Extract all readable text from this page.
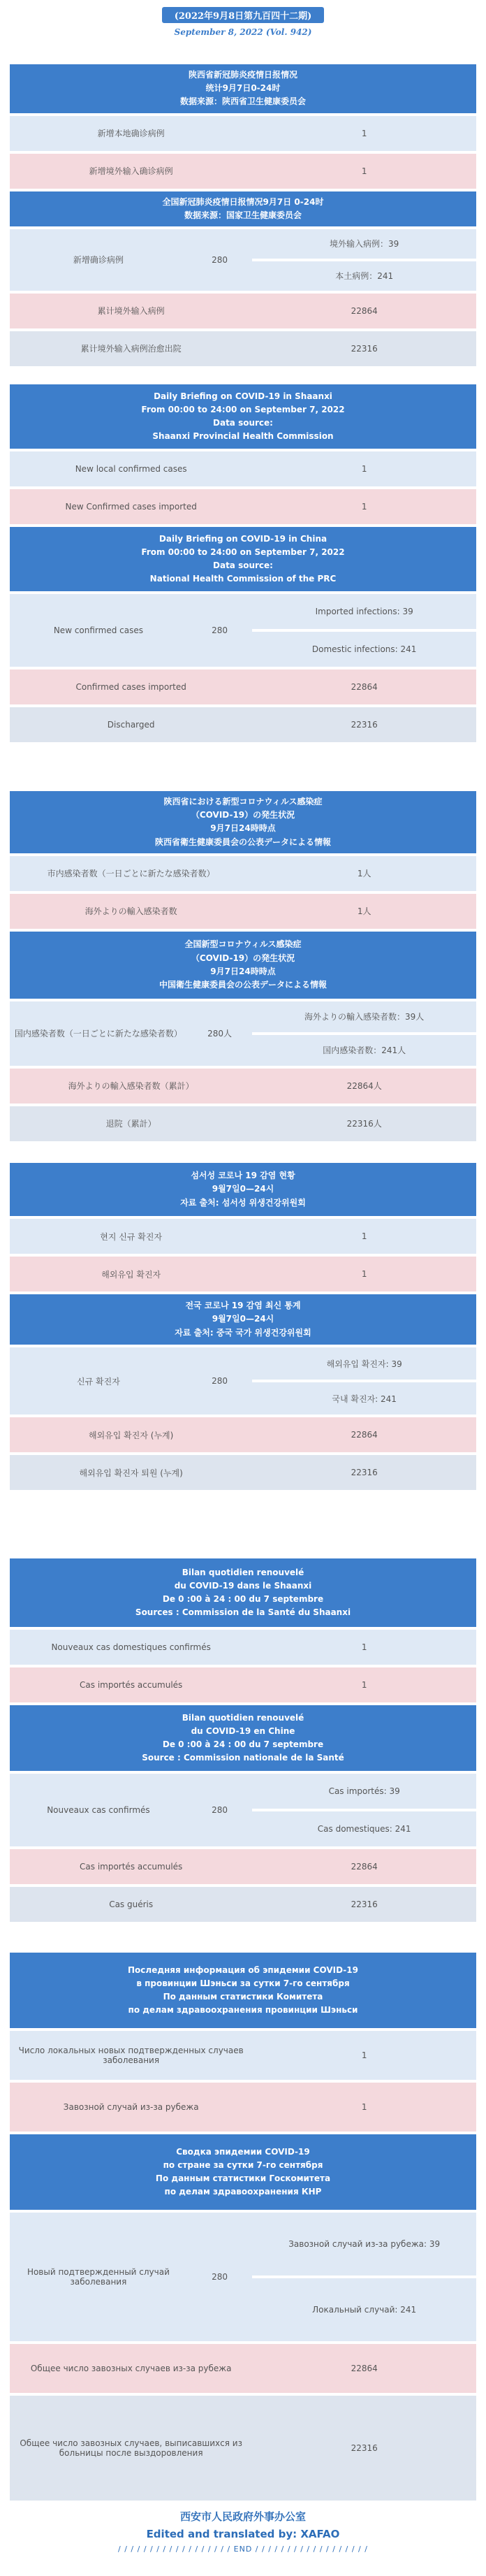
(2022年9月8日第九百四十二期)
September 8, 2022 (Vol. 942)
陕西省新冠肺炎疫情日报情况
统计9月7日0-24时
数据来源：陕西省卫生健康委员会		

新增本地确诊病例		1
新增境外输入确诊病例		1

全国新冠肺炎疫情日报情况9月7日 0-24时
数据来源：国家卫生健康委员会		

新增确诊病例	280	境外输入病例：39
		本土病例：241
累计境外输入病例		22864
累计境外输入病例治愈出院		22316
Daily Briefing on COVID-19 in Shaanxi
From 00:00 to 24:00 on September 7, 2022
Data source:
Shaanxi Provincial Health Commission		

New local confirmed cases		1
New Confirmed cases imported		1

Daily Briefing on COVID-19 in China
From 00:00 to 24:00 on September 7, 2022
Data source:
National Health Commission of the PRC		

New confirmed cases	280	Imported infections: 39
		Domestic infections: 241
Confirmed cases imported		22864
Discharged		22316
陝西省における新型コロナウィルス感染症
（COVID-19）の発生状況
9月7日24時時点
陝西省衛生健康委員会の公表データによる情報		

市内感染者数（一日ごとに新たな感染者数）		1人
海外よりの輸入感染者数		1人

全国新型コロナウィルス感染症
（COVID-19）の発生状況
9月7日24時時点
中国衛生健康委員会の公表データによる情報		

国内感染者数（一日ごとに新たな感染者数）	280人	海外よりの輸入感染者数：39人
		国内感染者数：241人
海外よりの輸入感染者数（累計）		22864人
退院（累計）		22316人
섬서성 코로나 19 감염 현황
9월7일0—24시
자료 출처: 섬서성 위생건강위원회		

현지 신규 확진자		1
해외유입 확진자		1

전국 코로나 19 감염 최신 통계
9월7일0—24시
자료 출처: 중국 국가 위생건강위원회		

신규 확진자	280	해외유입 확진자: 39
		국내 확진자: 241
해외유입 확진자 (누계)		22864
해외유입 확진자 퇴원 (누계)		22316
Bilan quotidien renouvelé
du COVID-19 dans le Shaanxi
De 0 :00 à 24 : 00 du 7 septembre
Sources : Commission de la Santé du Shaanxi		

Nouveaux cas domestiques confirmés		1
Cas importés accumulés		1

Bilan quotidien renouvelé
du COVID-19 en Chine
De 0 :00 à 24 : 00 du 7 septembre
Source : Commission nationale de la Santé		

Nouveaux cas confirmés	280	Cas importés: 39
		Cas domestiques: 241
Cas importés accumulés		22864
Cas guéris		22316
Последняя информация об эпидемии COVID-19
в провинции Шэньси за сутки 7-го сентября
По данным статистики Комитета
по делам здравоохранения провинции Шэньси		

Число локальных новых подтвержденных случаев заболевания		1
Завозной случай из-за рубежа		1

Сводка эпидемии COVID-19
по стране за сутки 7-го сентября
По данным статистики Госкомитета
по делам здравоохранения КНР		

Новый подтвержденный случай заболевания	280	Завозной случай из-за рубежа: 39
		Локальный случай: 241
Общее число завозных случаев из-за рубежа		22864
Общее число завозных случаев, выписавшихся из больницы после выздоровления		22316
西安市人民政府外事办公室
Edited and translated by: XAFAO
/ / / / / / / / / / / / / / / / / / END / / / / / / / / / / / / / / / / / /
